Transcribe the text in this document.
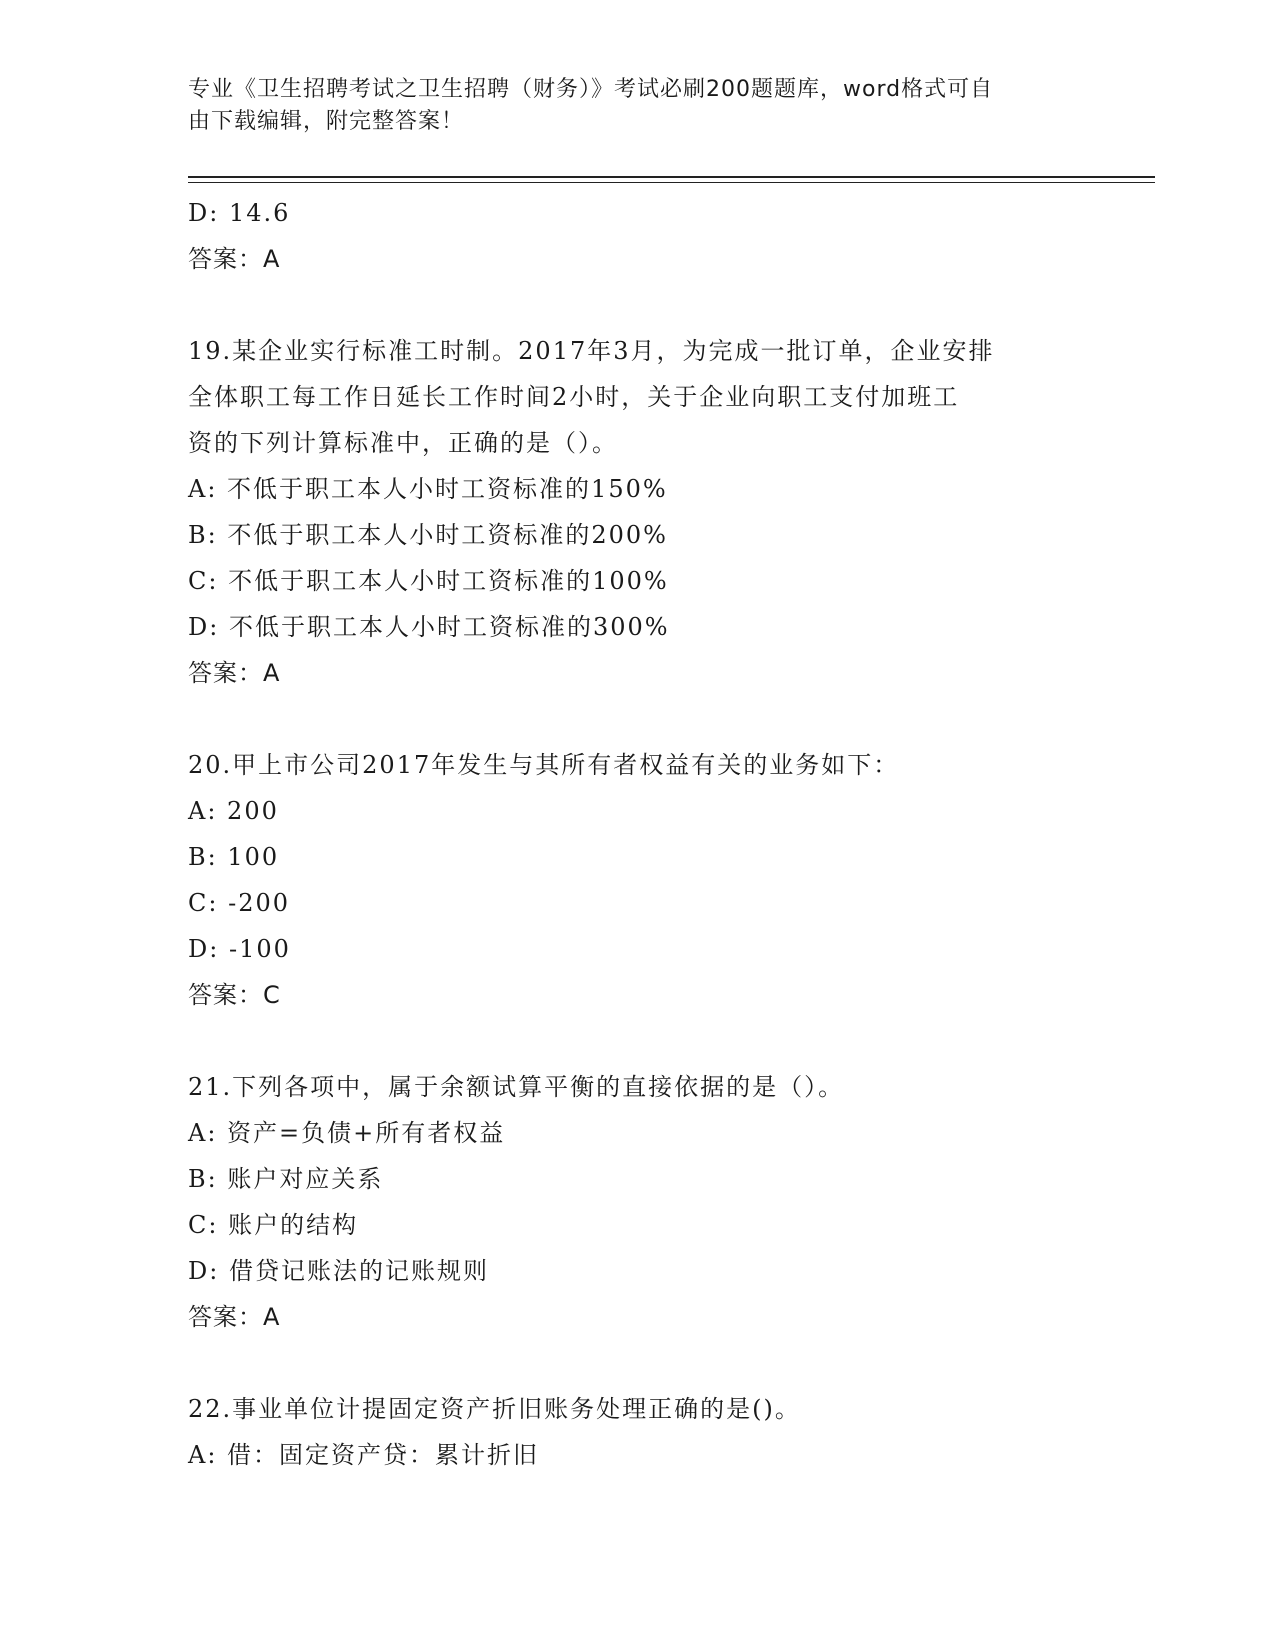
专业《卫生招聘考试之卫生招聘（财务）》考试必刷200题题库，word格式可自
由下载编辑，附完整答案！
D: 14.6
答案：A
19.某企业实行标准工时制。2017年3月，为完成一批订单，企业安排
全体职工每工作日延长工作时间2小时，关于企业向职工支付加班工
资的下列计算标准中，正确的是（）。
A: 不低于职工本人小时工资标准的150%
B: 不低于职工本人小时工资标准的200%
C: 不低于职工本人小时工资标准的100%
D: 不低于职工本人小时工资标准的300%
答案：A
20.甲上市公司2017年发生与其所有者权益有关的业务如下：
A: 200
B: 100
C: -200
D: -100
答案：C
21.下列各项中，属于余额试算平衡的直接依据的是（）。
A: 资产=负债+所有者权益
B: 账户对应关系
C: 账户的结构
D: 借贷记账法的记账规则
答案：A
22.事业单位计提固定资产折旧账务处理正确的是()。
A: 借：固定资产贷：累计折旧
